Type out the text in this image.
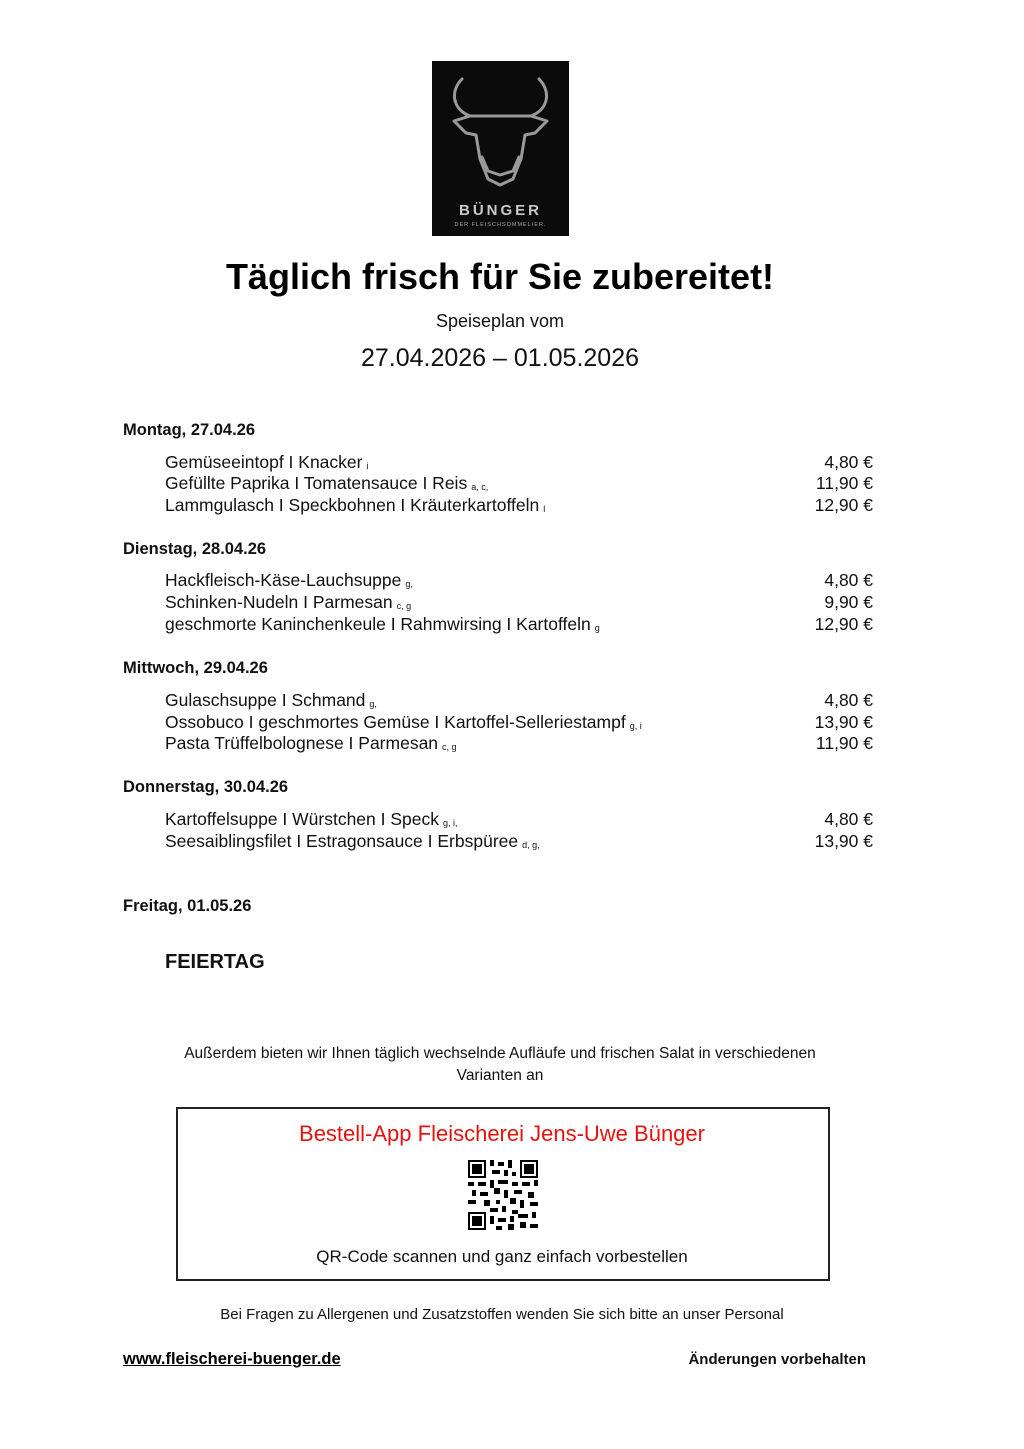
BÜNGER
DER FLEISCHSOMMELIER.
Täglich frisch für Sie zubereitet!
Speiseplan vom
27.04.2026 – 01.05.2026
Montag, 27.04.26
Gemüseeintopf I Knacker $_i$	4,80 €
Gefüllte Paprika I Tomatensauce I Reis $_{a, c,}$	11,90 €
Lammgulasch I Speckbohnen I Kräuterkartoffeln $_l$	12,90 €
Dienstag, 28.04.26
Hackfleisch-Käse-Lauchsuppe $_{g,}$	4,80 €
Schinken-Nudeln I Parmesan $_{c, g}$	9,90 €
geschmorte Kaninchenkeule I Rahmwirsing I Kartoffeln $_g$	12,90 €
Mittwoch, 29.04.26
Gulaschsuppe I Schmand $_{g,}$	4,80 €
Ossobuco I geschmortes Gemüse I Kartoffel-Selleriestampf $_{g, i}$	13,90 €
Pasta Trüffelbolognese I Parmesan $_{c, g}$	11,90 €
Donnerstag, 30.04.26
Kartoffelsuppe I Würstchen I Speck $_{g, i,}$	4,80 €
Seesaiblingsfilet I Estragonsauce I Erbspüree $_{d, g,}$	13,90 €
Freitag, 01.05.26
FEIERTAG
Außerdem bieten wir Ihnen täglich wechselnde Aufläufe und frischen Salat in verschiedenen
Varianten an
Bestell-App Fleischerei Jens-Uwe Bünger
QR-Code scannen und ganz einfach vorbestellen
Bei Fragen zu Allergenen und Zusatzstoffen wenden Sie sich bitte an unser Personal
www.fleischerei-buenger.de	Änderungen vorbehalten
